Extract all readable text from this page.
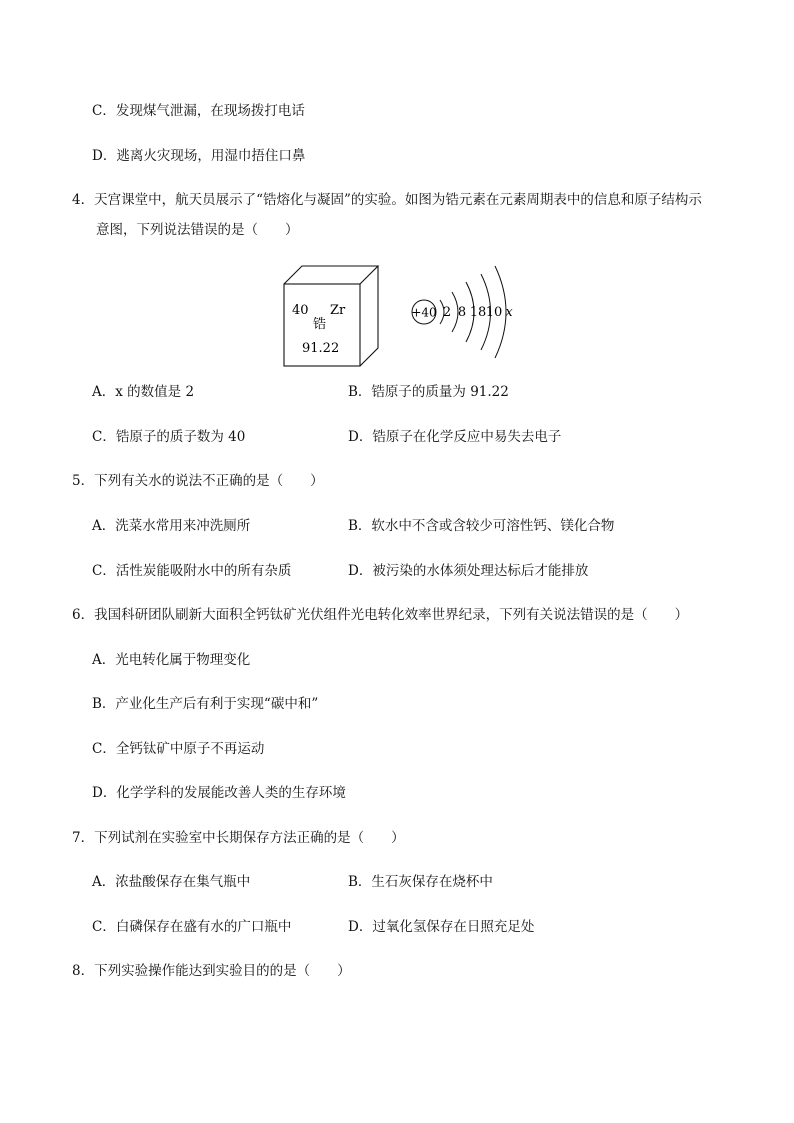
C．发现煤气泄漏，在现场拨打电话
D．逃离火灾现场，用湿巾捂住口鼻
4．天宫课堂中，航天员展示了“锆熔化与凝固”的实验。如图为锆元素在元素周期表中的信息和原子结构示
意图，下列说法错误的是（　　）
40 Zr
锆
91.22
+40 2 8 18 10 x
A．x 的数值是 2	B．锆原子的质量为 91.22
C．锆原子的质子数为 40	D．锆原子在化学反应中易失去电子
5．下列有关水的说法不正确的是（　　）
A．洗菜水常用来冲洗厕所	B．软水中不含或含较少可溶性钙、镁化合物
C．活性炭能吸附水中的所有杂质	D．被污染的水体须处理达标后才能排放
6．我国科研团队刷新大面积全钙钛矿光伏组件光电转化效率世界纪录，下列有关说法错误的是（　　）
A．光电转化属于物理变化
B．产业化生产后有利于实现“碳中和”
C．全钙钛矿中原子不再运动
D．化学学科的发展能改善人类的生存环境
7．下列试剂在实验室中长期保存方法正确的是（　　）
A．浓盐酸保存在集气瓶中	B．生石灰保存在烧杯中
C．白磷保存在盛有水的广口瓶中	D．过氧化氢保存在日照充足处
8．下列实验操作能达到实验目的的是（　　）
